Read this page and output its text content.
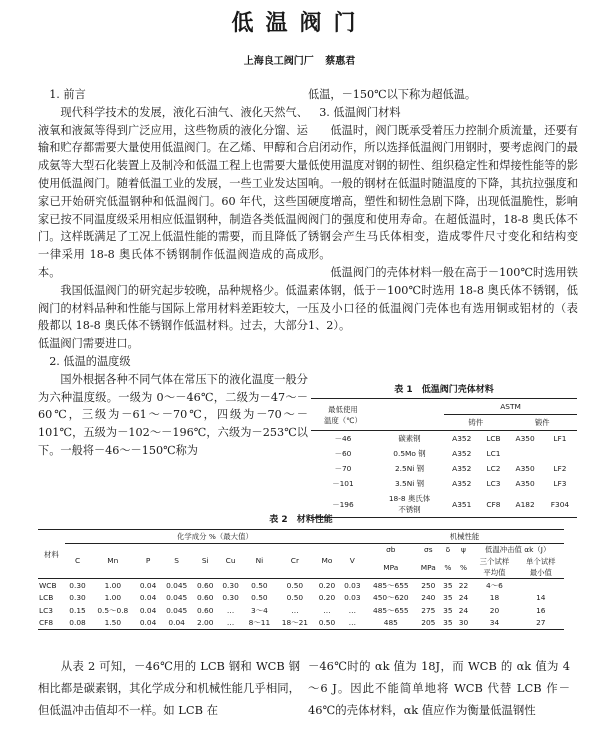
低温阀门
上海良工阀门厂 蔡惠君

1. 前言

现代科学技术的发展，液化石油气、液化天然气、液氧和液氮等得到广泛应用，这些物质的液化分馏、运输和贮存都需要大量使用低温阀门。在乙烯、甲醇和合成氨等大型石化装置上及制冷和低温工程上也需要大量使用低温阀门。随着低温工业的发展，一些工业发达国家已开始研究低温钢种和低温阀门。60 年代，这些国家已按不同温度级采用相应低温钢种，制造各类低温阀门。这样既满足了工况上低温性能的需要，而且降低了一律采用 18-8 奥氏体不锈钢制作低温阀造成的高成本。

我国低温阀门的研究起步较晚，品种规格少。低温阀门的材料品种和性能与国际上常用材料差距较大，一般都以 18-8 奥氏体不锈钢作低温材料。过去，大部分低温阀门需要进口。

2. 低温的温度级

国外根据各种不同气体在常压下的液化温度一般分为六种温度级。一级为 0～－46℃，二级为－47～－60℃，三级为－61～－70℃，四级为－70～－101℃，五级为－102～－196℃，六级为－253℃以下。一般将－46～－150℃称为

低温，－150℃以下称为超低温。

3. 低温阀门材料

低温时，阀门既承受着压力控制介质流量，还要有启闭动作，所以选择低温阀门用钢时，要考虑阀门的最低使用温度对钢的韧性、组织稳定性和焊接性能等的影响。一般的钢材在低温时随温度的下降，其抗拉强度和硬度增高，塑性和韧性急剧下降，出现低温脆性，影响阀门的强度和使用寿命。在超低温时，18-8 奥氏体不锈钢会产生马氏体相变，造成零件尺寸变化和结构变形。

低温阀门的壳体材料一般在高于－100℃时选用铁素体钢，低于－100℃时选用 18-8 奥氏体不锈钢，低压及小口径的低温阀门壳体也有选用铜或铝材的（表 1、2）。

表 1　低温阀门壳体材料
最低使用
温度（℃）		ASTM			
		铸件		锻件	
－46	碳素钢	A352	LCB	A350	LF1
－60	0.5Mo 钢	A352	LC1		
－70	2.5Ni 钢	A352	LC2	A350	LF2
－101	3.5Ni 钢	A352	LC3	A350	LF3
－196	18-8 奥氏体
不锈钢	A351	CF8	A182	F304
表 2　材料性能
材料	化学成分 %（最大值）										机械性能					
	C	Mn	P	S	Si	Cu	Ni	Cr	Mo	V	σb	σs	δ	ψ	低温冲击值 αk（J）	
											MPa	MPa	%	%	三个试样
平均值	单个试样
最小值
WCB	0.30	1.00	0.04	0.045	0.60	0.30	0.50	0.50	0.20	0.03	485～655	250	35	22	4～6	
LCB	0.30	1.00	0.04	0.045	0.60	0.30	0.50	0.50	0.20	0.03	450～620	240	35	24	18	14
LC3	0.15	0.5～0.8	0.04	0.045	0.60	…	3～4	…	…	…	485～655	275	35	24	20	16
CF8	0.08	1.50	0.04	0.04	2.00	…	8～11	18～21	0.50	…	485	205	35	30	34	27

从表 2 可知，－46℃用的 LCB 钢和 WCB 钢相比都是碳素钢，其化学成分和机械性能几乎相同，但低温冲击值却不一样。如 LCB 在

－46℃时的 αk 值为 18J，而 WCB 的 αk 值为 4～6 J。因此不能简单地将 WCB 代替 LCB 作－46℃的壳体材料，αk 值应作为衡量低温钢性
